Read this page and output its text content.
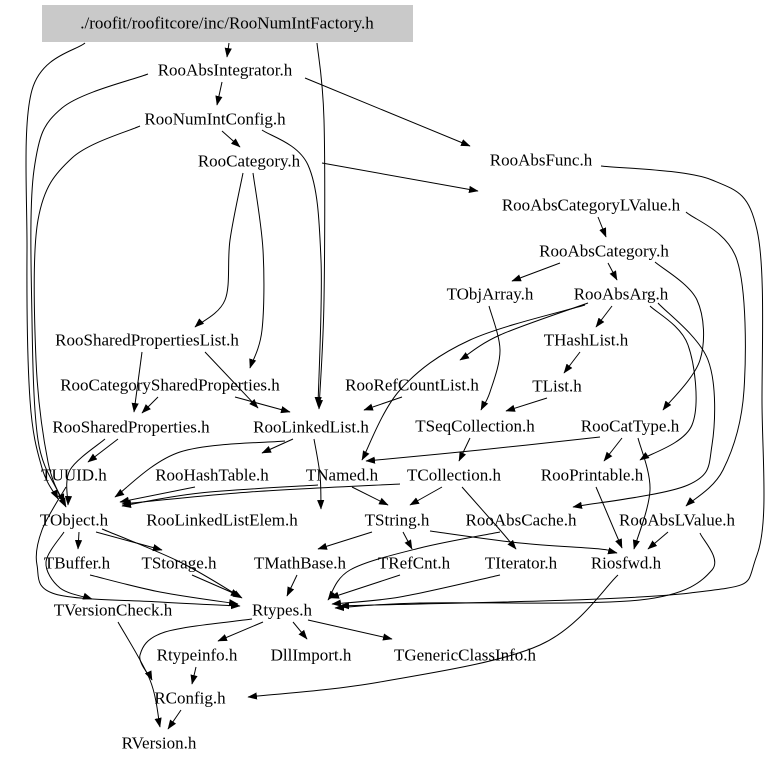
./roofit/roofitcore/inc/RooNumIntFactory.h
RooAbsIntegrator.h
RooNumIntConfig.h
RooCategory.h	RooAbsFunc.h
RooAbsCategoryLValue.h
RooAbsCategory.h
TObjArray.h RooAbsArg.h
RooSharedPropertiesList.h	THashList.h
RooCategorySharedProperties.h	RooRefCountList.h	TList.h
RooSharedProperties.h	RooLinkedList.h	TSeqCollection.h	RooCatType.h
TUUID.h	RooHashTable.h TNamed.h TCollection.h RooPrintable.h
TObject.h RooLinkedListElem.h	TString.h RooAbsCache.h	RooAbsLValue.h
TBuffer.h TStorage.h TMathBase.h TRefCnt.h TIterator.h Riosfwd.h
TVersionCheck.h	Rtypes.h
Rtypeinfo.h DllImport.h	TGenericClassInfo.h
RConfig.h
RVersion.h
